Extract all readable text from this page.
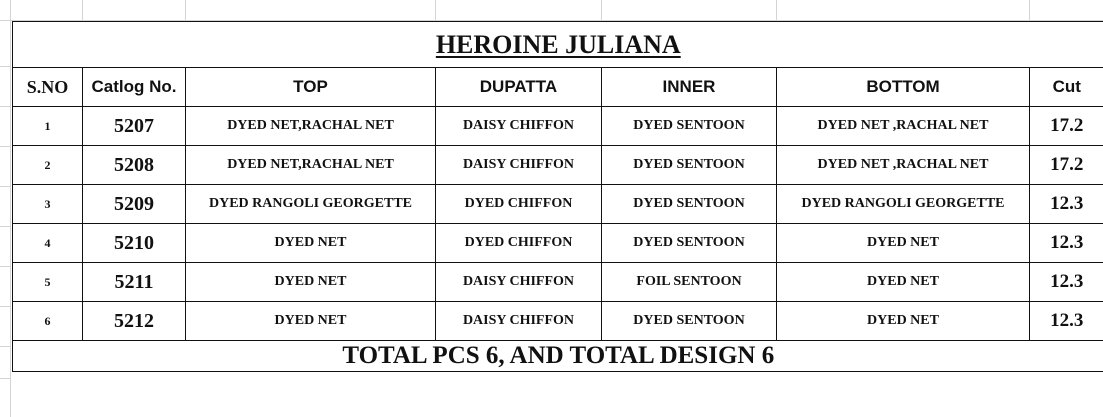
HEROINE JULIANA						
S.NO	Catlog No.	TOP	DUPATTA	INNER	BOTTOM	Cut
1	5207	DYED NET,RACHAL NET	DAISY CHIFFON	DYED SENTOON	DYED NET ,RACHAL NET	17.2
2	5208	DYED NET,RACHAL NET	DAISY CHIFFON	DYED SENTOON	DYED NET ,RACHAL NET	17.2
3	5209	DYED RANGOLI GEORGETTE	DYED CHIFFON	DYED SENTOON	DYED RANGOLI GEORGETTE	12.3
4	5210	DYED NET	DYED CHIFFON	DYED SENTOON	DYED NET	12.3
5	5211	DYED NET	DAISY CHIFFON	FOIL SENTOON	DYED NET	12.3
6	5212	DYED NET	DAISY CHIFFON	DYED SENTOON	DYED NET	12.3
TOTAL PCS 6, AND TOTAL DESIGN 6						
